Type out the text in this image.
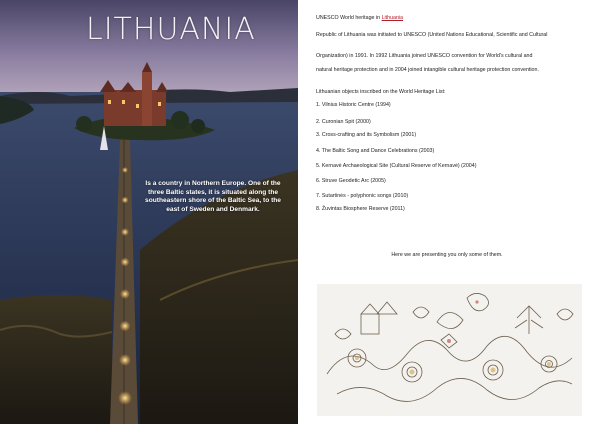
LITHUANIA
Is a country in Northern Europe. One of the three Baltic states, it is situated along the southeastern shore of the Baltic Sea, to the east of Sweden and Denmark.

UNESCO World heritage in Lithuania

Republic of Lithuania was initiated to UNESCO (United Nations Educational, Scientific and Cultural

Organization) in 1991. In 1992 Lithuania joined UNESCO convention for World's cultural and

natural heritage protection and in 2004 joined intangible cultural heritage protection convention.

Lithuanian objects inscribed on the World Heritage List:

1. Vilnius Historic Centre (1994)

2. Curonian Spit (2000)

3. Cross-crafting and its Symbolism (2001)

4. The Baltic Song and Dance Celebrations (2003)

5. Kernavė Archaeological Site (Cultural Reserve of Kernavė) (2004)

6. Struve Geodetic Arc (2005)

7. Sutartinės - polyphonic songs (2010)

8. Žuvintas Biosphere Reserve (2011)

Here we are presenting you only some of them.
